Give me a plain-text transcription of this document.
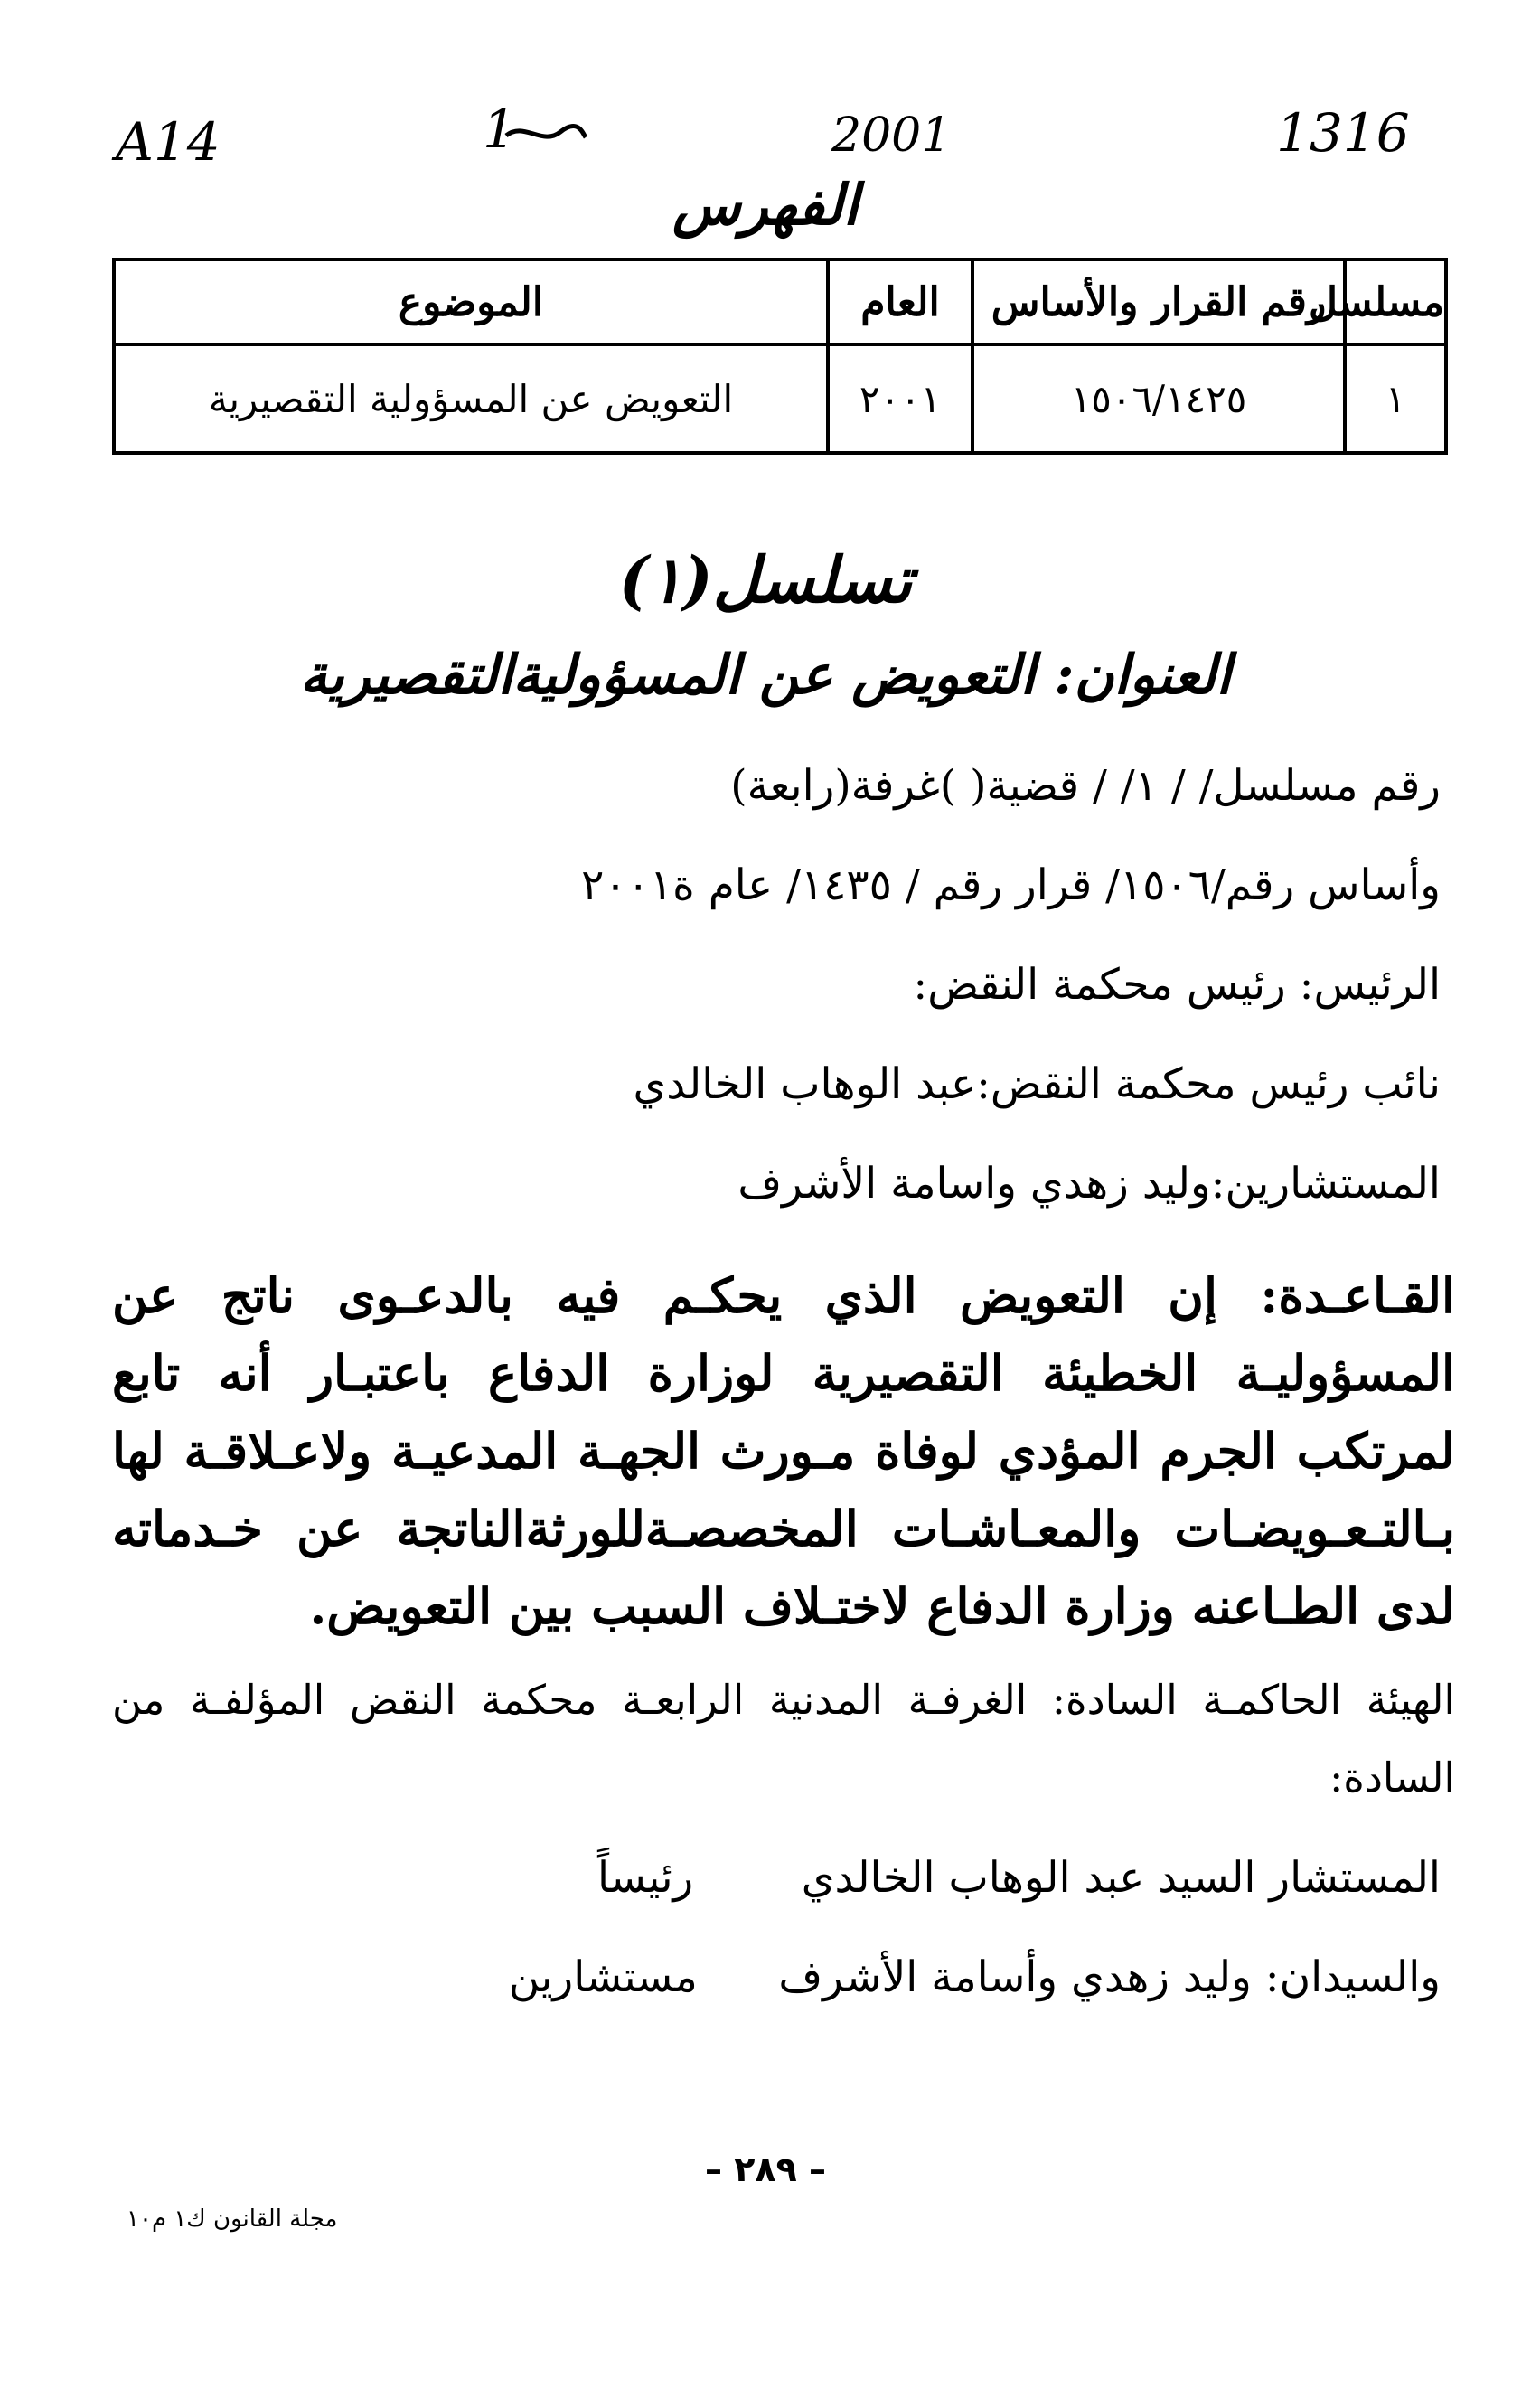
A14	1	2001	1316
الفهرس
مسلسل	رقم القرار والأساس	العام	الموضوع
١	١٥٠٦/١٤٢٥	٢٠٠١	التعويض عن المسؤولية التقصيرية
تسلسل(١)
العنوان: التعويض عن المسؤوليةالتقصيرية
رقم مسلسل/ / ١/ / قضية( )غرفة(رابعة)
وأساس رقم/١٥٠٦/ قرار رقم / ١٤٣٥/ عام ة٢٠٠١
الرئيس: رئيس محكمة النقض:
نائب رئيس محكمة النقض:عبد الوهاب الخالدي
المستشارين:وليد زهدي واسامة الأشرف
القـاعـدة: إن التعويض الذي يحكـم فيه بالدعـوى ناتج عن المسؤوليـة الخطيئة التقصيرية لوزارة الدفاع باعتبـار أنه تابع لمرتكب الجرم المؤدي لوفاة مـورث الجهـة المدعيـة ولاعـلاقـة لها بـالتـعـويضـات والمعـاشـات المخصصـةللورثةالناتجة عن خـدماته لدى الطـاعنه وزارة الدفاع لاختـلاف السبب بين التعويض.
الهيئة الحاكمـة السادة: الغرفـة المدنية الرابعـة محكمة النقض المؤلفـة من السادة:
المستشار السيد عبد الوهاب الخالدي        رئيساً
والسيدان: وليد زهدي وأسامة الأشرف      مستشارين
– ٢٨٩ –
مجلة القانون ك١ م١٠
